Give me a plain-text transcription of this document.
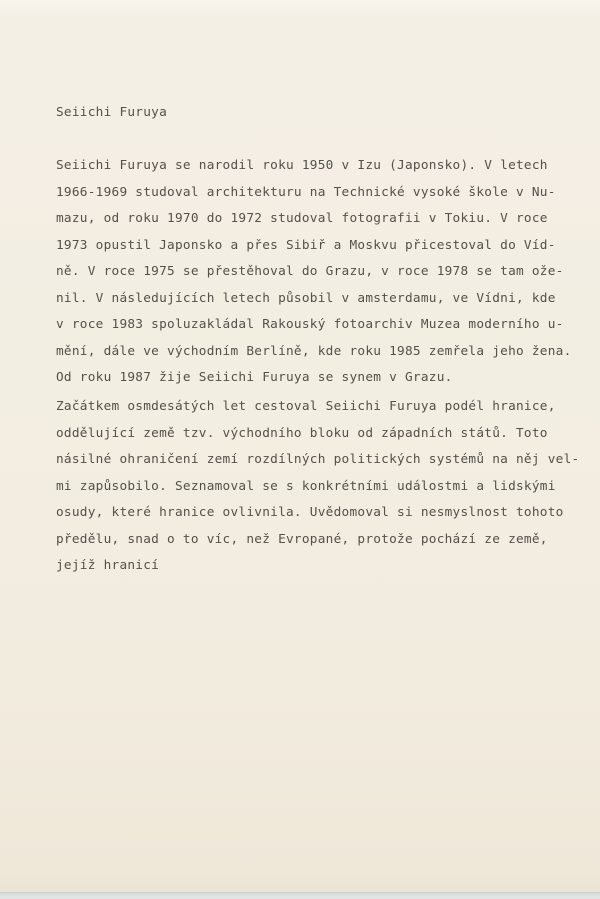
Seiichi Furuya
Seiichi Furuya se narodil roku 1950 v Izu (Japonsko). V letech
1966-1969 studoval architekturu na Technické vysoké škole v Nu-
mazu, od roku 1970 do 1972 studoval fotografii v Tokiu. V roce
1973 opustil Japonsko a přes Sibiř a Moskvu přicestoval do Víd-
ně. V roce 1975 se přestěhoval do Grazu, v roce 1978 se tam ože-
nil. V následujících letech působil v amsterdamu, ve Vídni, kde
v roce 1983 spoluzakládal Rakouský fotoarchiv Muzea moderního u-
mění, dále ve východním Berlíně, kde roku 1985 zemřela jeho žena.
Od roku 1987 žije Seiichi Furuya se synem v Grazu.
Začátkem osmdesátých let cestoval Seiichi Furuya podél hranice,
oddělující země tzv. východního bloku od západních států. Toto
násilné ohraničení zemí rozdílných politických systémů na něj vel-
mi zapůsobilo. Seznamoval se s konkrétními událostmi a lidskými
osudy, které hranice ovlivnila. Uvědomoval si nesmyslnost tohoto
předělu, snad o to víc, než Evropané, protože pochází ze země,
jejíž hranicí
